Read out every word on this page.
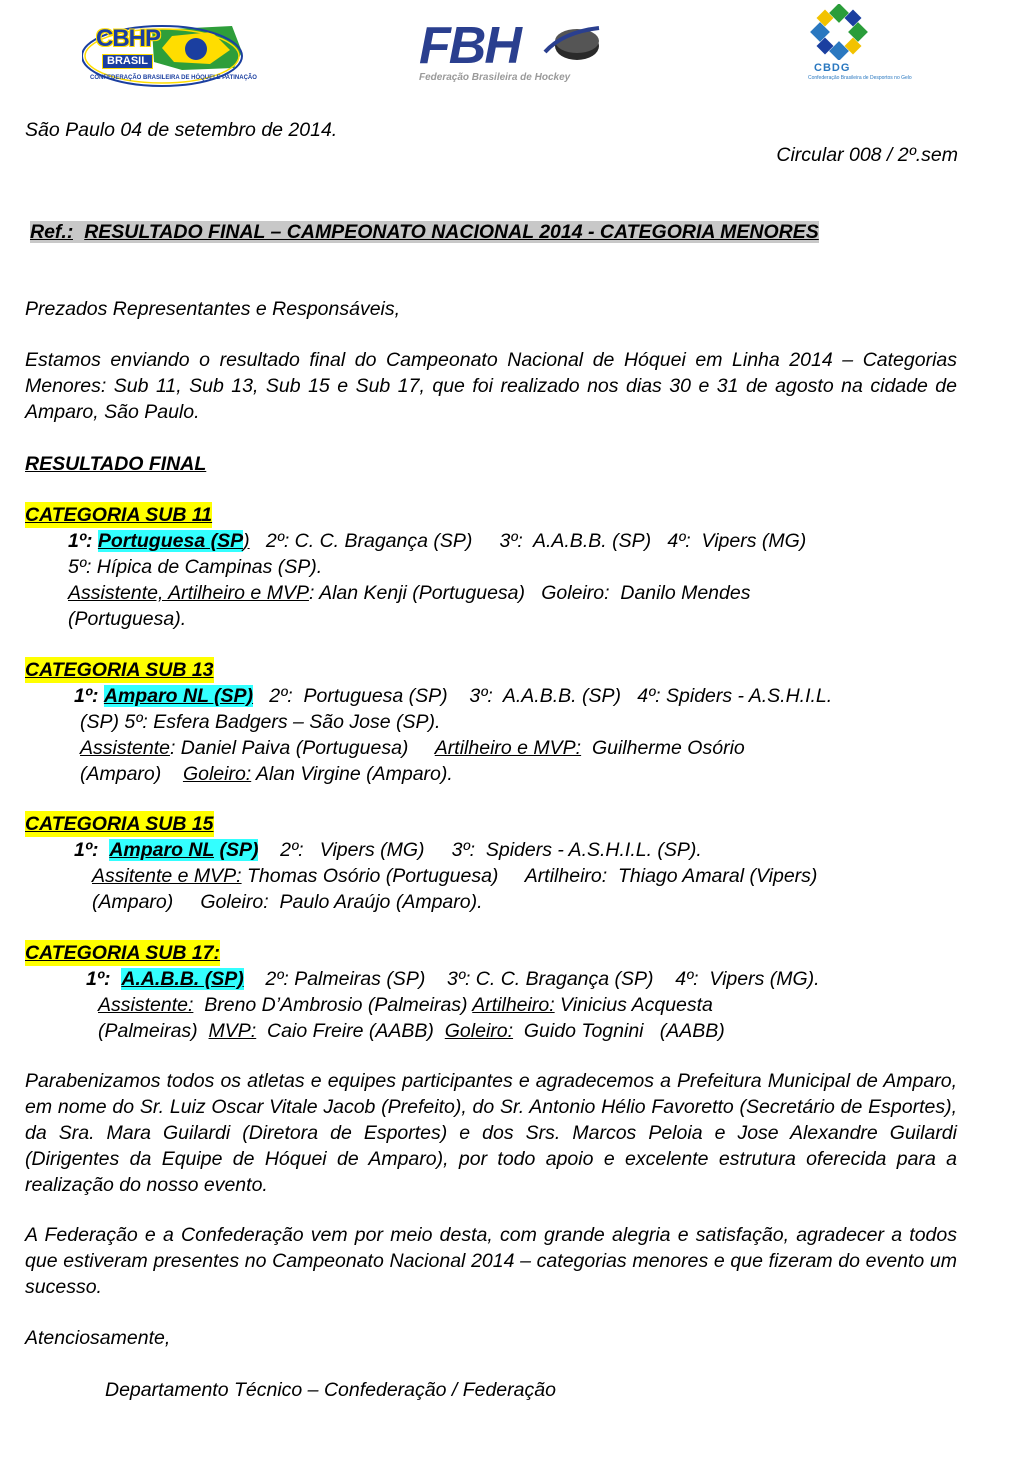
CBHP
BRASIL
CONFEDERAÇÃO BRASILEIRA DE HÓQUEI E PATINAÇÃO
FBH
Federação Brasileira de Hockey
CBDG
Confederação Brasileira de Desportos no Gelo
São Paulo 04 de setembro de 2014.
Circular 008 / 2º.sem
Ref.: RESULTADO FINAL – CAMPEONATO NACIONAL 2014 - CATEGORIA MENORES
Prezados Representantes e Responsáveis,
Estamos enviando o resultado final do Campeonato Nacional de Hóquei em Linha 2014 – Categorias Menores: Sub 11, Sub 13, Sub 15 e Sub 17, que foi realizado nos dias 30 e 31 de agosto na cidade de Amparo, São Paulo.
RESULTADO FINAL
CATEGORIA SUB 11
1º: Portuguesa (SP)   2º: C. C. Bragança (SP)     3º:  A.A.B.B. (SP)   4º:  Vipers (MG)
5º: Hípica de Campinas (SP).
Assistente, Artilheiro e MVP: Alan Kenji (Portuguesa)   Goleiro:  Danilo Mendes
(Portuguesa).
CATEGORIA SUB 13
1º: Amparo NL (SP)   2º:  Portuguesa (SP)    3º:  A.A.B.B. (SP)   4º: Spiders - A.S.H.I.L.
(SP) 5º: Esfera Badgers – São Jose (SP).
Assistente: Daniel Paiva (Portuguesa)     Artilheiro e MVP:  Guilherme Osório
(Amparo)    Goleiro: Alan Virgine (Amparo).
CATEGORIA SUB 15
1º: Amparo NL (SP)    2º:   Vipers (MG)     3º:  Spiders - A.S.H.I.L. (SP).
Assitente e MVP: Thomas Osório (Portuguesa)     Artilheiro:  Thiago Amaral (Vipers)
(Amparo)     Goleiro:  Paulo Araújo (Amparo).
CATEGORIA SUB 17:
1º: A.A.B.B. (SP)    2º: Palmeiras (SP)    3º: C. C. Bragança (SP)    4º:  Vipers (MG).
Assistente:  Breno D’Ambrosio (Palmeiras) Artilheiro: Vinicius Acquesta
(Palmeiras)  MVP:  Caio Freire (AABB)  Goleiro:  Guido Tognini   (AABB)
Parabenizamos todos os atletas e equipes participantes e agradecemos a Prefeitura Municipal de Amparo, em nome do Sr. Luiz Oscar Vitale Jacob (Prefeito), do Sr. Antonio Hélio Favoretto (Secretário de Esportes), da Sra. Mara Guilardi (Diretora de Esportes) e dos Srs. Marcos Peloia e Jose Alexandre Guilardi (Dirigentes da Equipe de Hóquei de Amparo), por todo apoio e excelente estrutura oferecida para a realização do nosso evento.
A Federação e a Confederação vem por meio desta, com grande alegria e satisfação, agradecer a todos que estiveram presentes no Campeonato Nacional 2014 – categorias menores e que fizeram do evento um sucesso.
Atenciosamente,
Departamento Técnico – Confederação / Federação
